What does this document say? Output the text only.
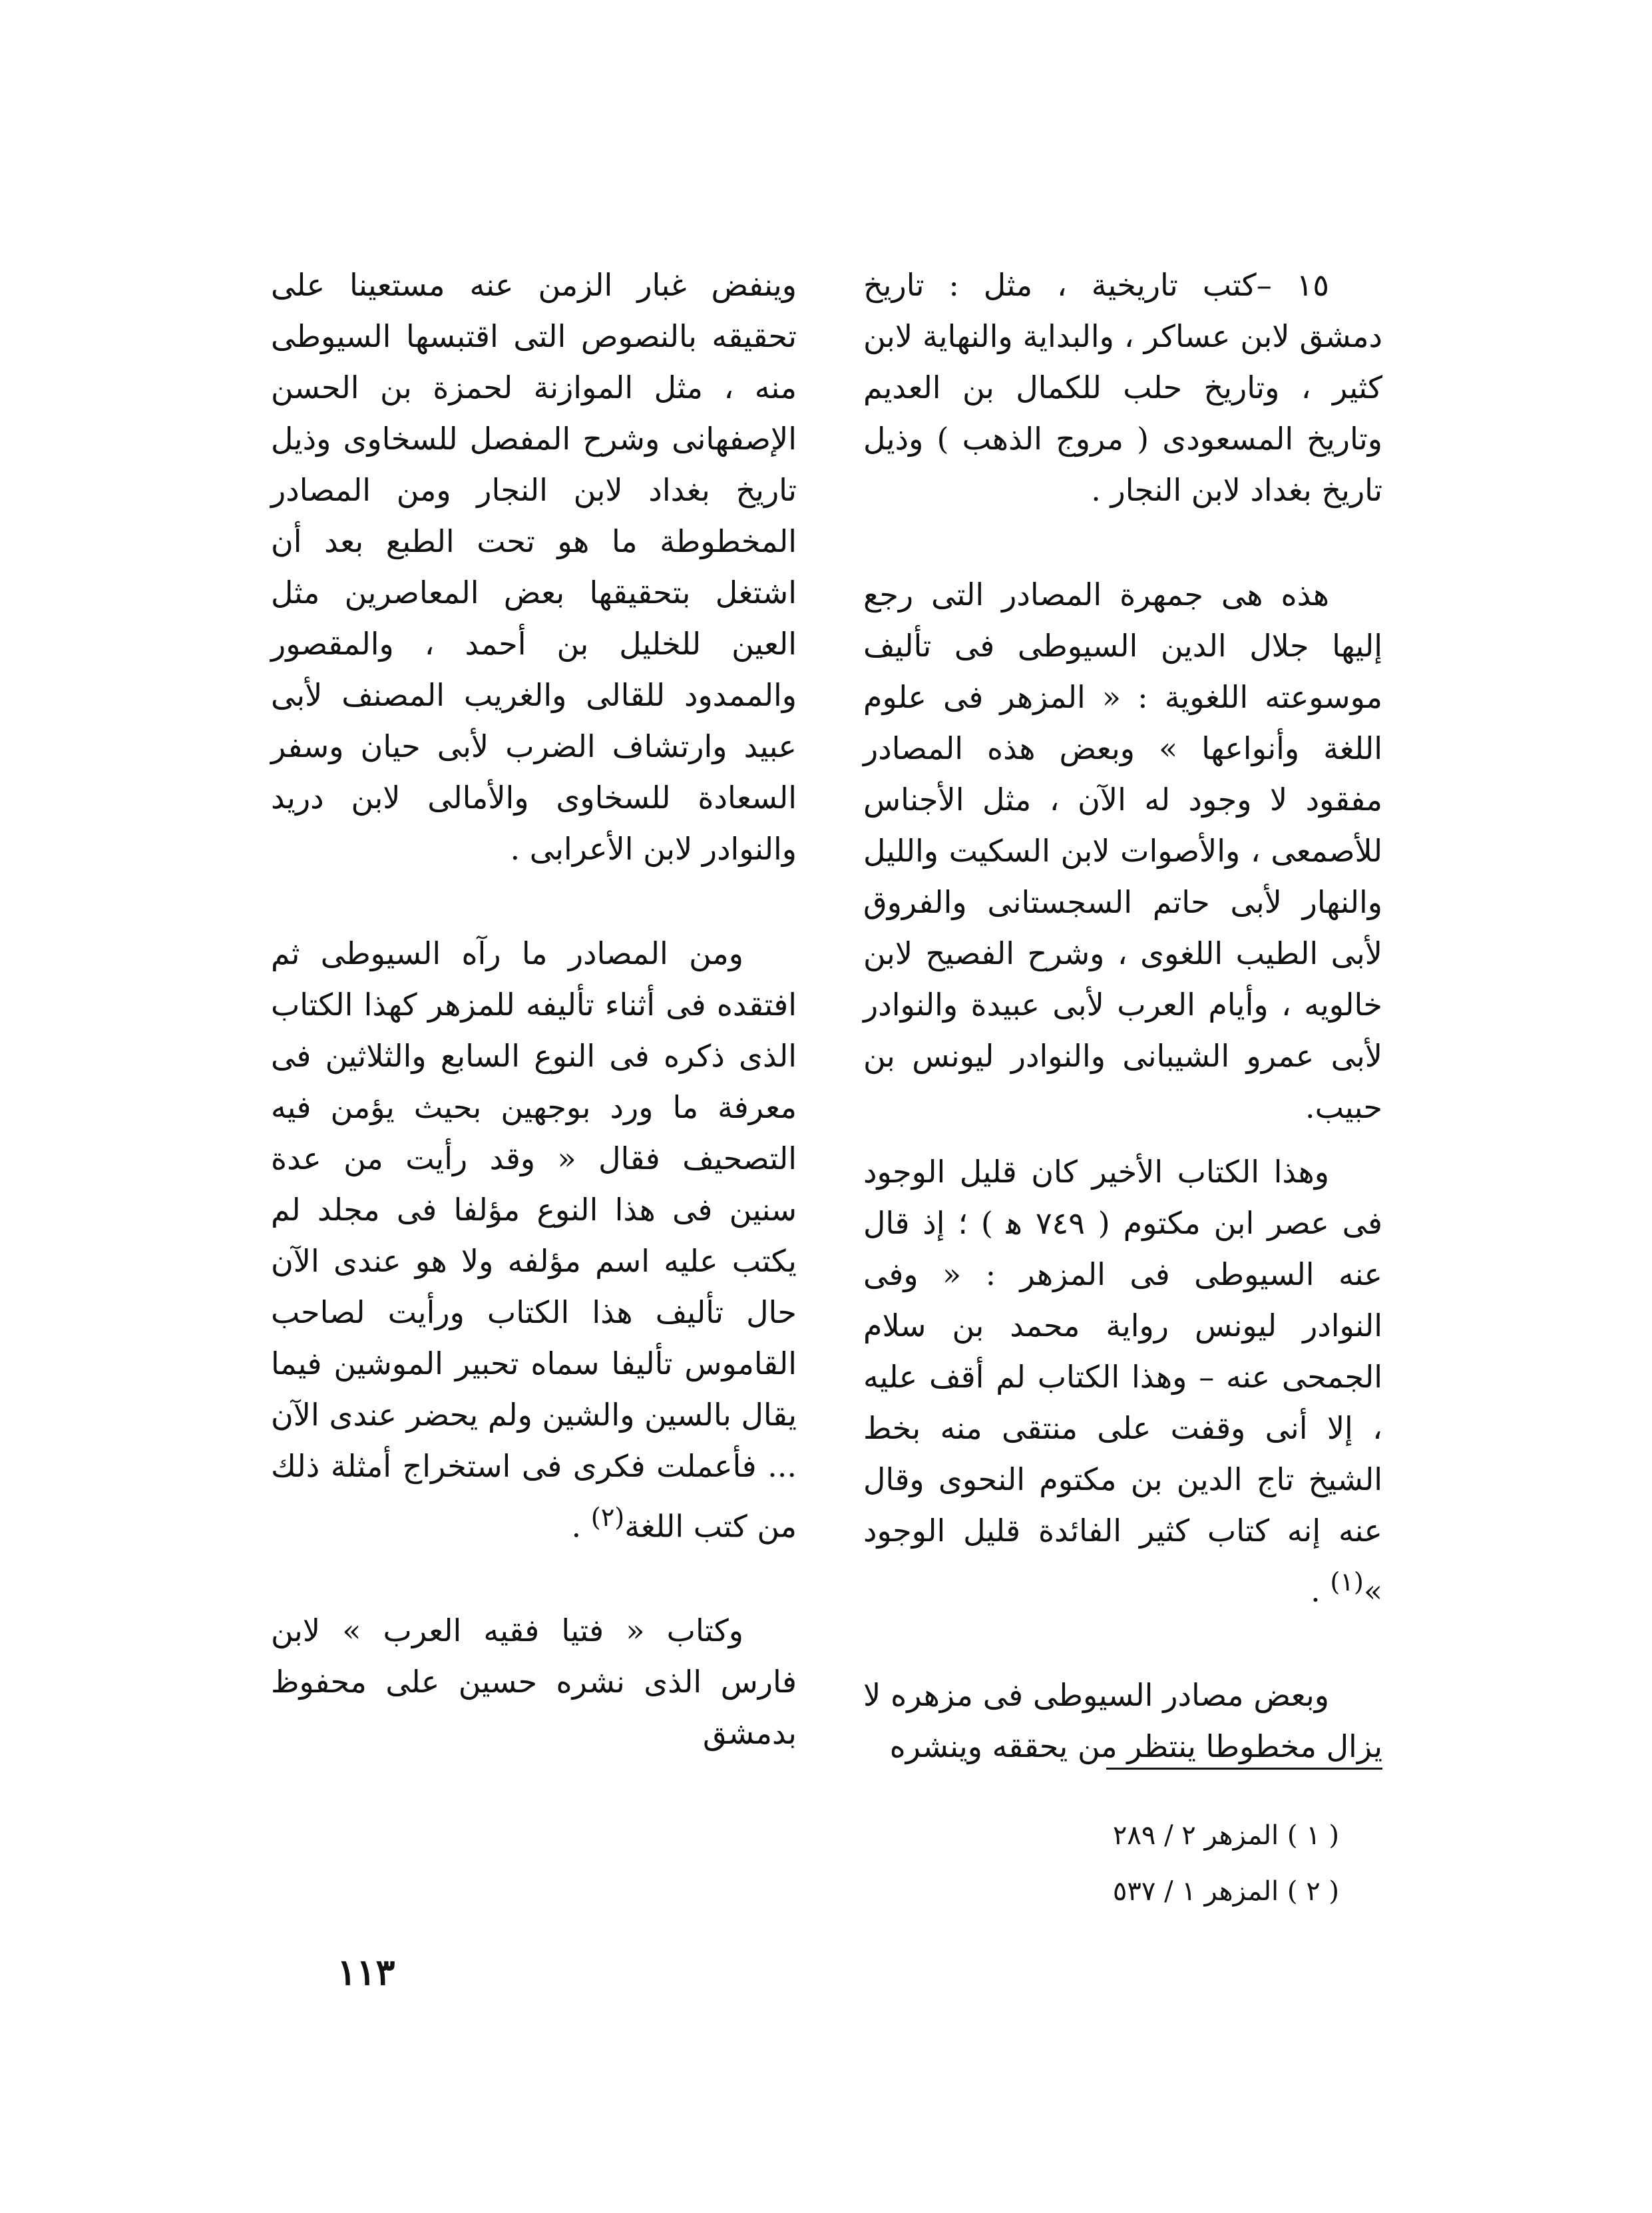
١٥ –كتب تاريخية ، مثل : تاريخ دمشق لابن عساكر ، والبداية والنهاية لابن كثير ، وتاريخ حلب للكمال بن العديم وتاريخ المسعودى ( مروج الذهب ) وذيل تاريخ بغداد لابن النجار .

هذه هى جمهرة المصادر التى رجع إليها جلال الدين السيوطى فى تأليف موسوعته اللغوية : « المزهر فى علوم اللغة وأنواعها » وبعض هذه المصادر مفقود لا وجود له الآن ، مثل الأجناس للأصمعى ، والأصوات لابن السكيت والليل والنهار لأبى حاتم السجستانى والفروق لأبى الطيب اللغوى ، وشرح الفصيح لابن خالويه ، وأيام العرب لأبى عبيدة والنوادر لأبى عمرو الشيبانى والنوادر ليونس بن حبيب.

وهذا الكتاب الأخير كان قليل الوجود فى عصر ابن مكتوم ( ٧٤٩ ﻫ ) ؛ إذ قال عنه السيوطى فى المزهر : « وفى النوادر ليونس رواية محمد بن سلام الجمحى عنه – وهذا الكتاب لم أقف عليه ، إلا أنى وقفت على منتقى منه بخط الشيخ تاج الدين بن مكتوم النحوى وقال عنه إنه كتاب كثير الفائدة قليل الوجود »$^{(١)}$ .

وبعض مصادر السيوطى فى مزهره لا يزال مخطوطا ينتظر من يحققه وينشره

وينفض غبار الزمن عنه مستعينا على تحقيقه بالنصوص التى اقتبسها السيوطى منه ، مثل الموازنة لحمزة بن الحسن الإصفهانى وشرح المفصل للسخاوى وذيل تاريخ بغداد لابن النجار ومن المصادر المخطوطة ما هو تحت الطبع بعد أن اشتغل بتحقيقها بعض المعاصرين مثل العين للخليل بن أحمد ، والمقصور والممدود للقالى والغريب المصنف لأبى عبيد وارتشاف الضرب لأبى حيان وسفر السعادة للسخاوى والأمالى لابن دريد والنوادر لابن الأعرابى .

ومن المصادر ما رآه السيوطى ثم افتقده فى أثناء تأليفه للمزهر كهذا الكتاب الذى ذكره فى النوع السابع والثلاثين فى معرفة ما ورد بوجهين بحيث يؤمن فيه التصحيف فقال « وقد رأيت من عدة سنين فى هذا النوع مؤلفا فى مجلد لم يكتب عليه اسم مؤلفه ولا هو عندى الآن حال تأليف هذا الكتاب ورأيت لصاحب القاموس تأليفا سماه تحبير الموشين فيما يقال بالسين والشين ولم يحضر عندى الآن ... فأعملت فكرى فى استخراج أمثلة ذلك من كتب اللغة$^{(٢)}$ .

وكتاب « فتيا فقيه العرب » لابن فارس الذى نشره حسين على محفوظ بدمشق

( ١ ) المزهر ٢ / ٢٨٩
( ٢ ) المزهر ١ / ٥٣٧
١١٣
